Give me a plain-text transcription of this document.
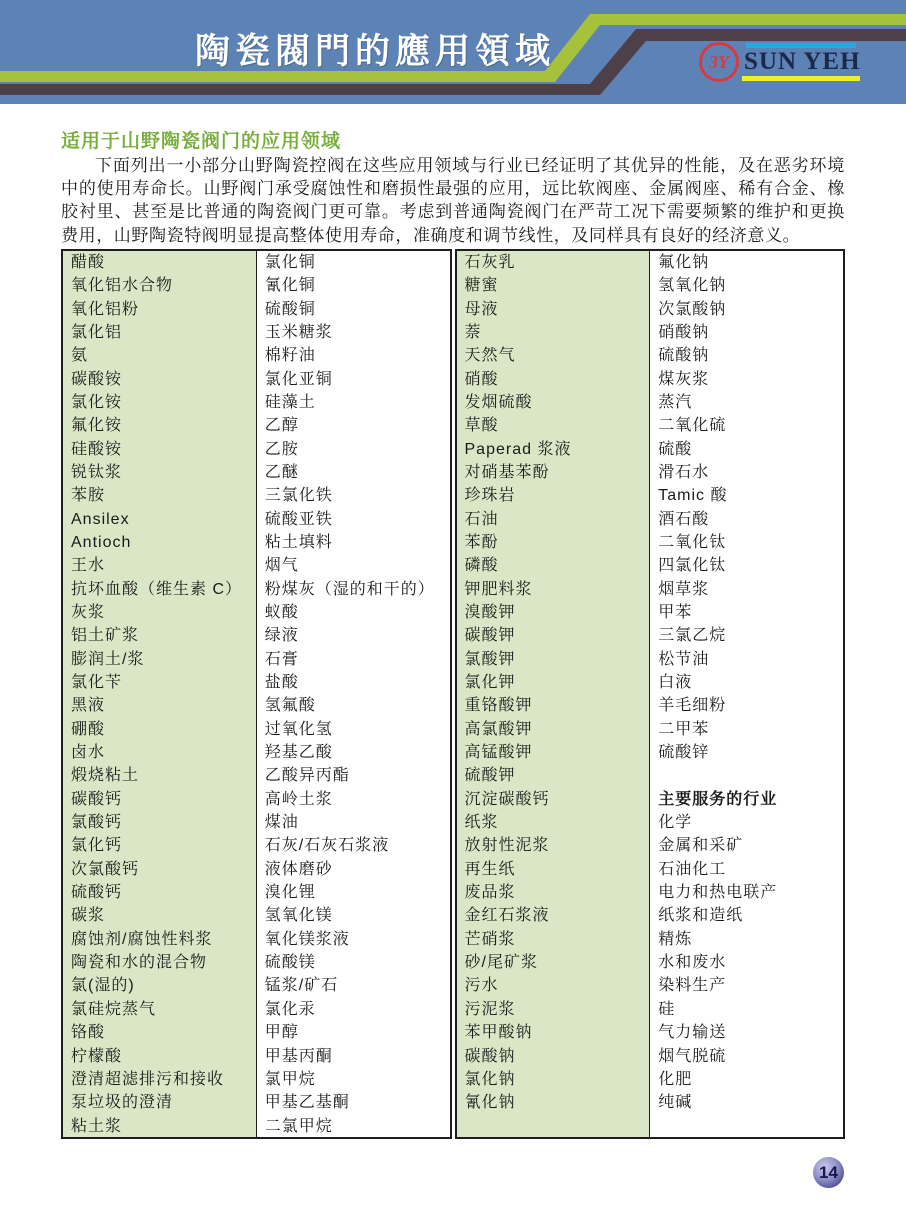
陶瓷閥門的應用領域	3Y SUN YEH
适用于山野陶瓷阀门的应用领域

下面列出一小部分山野陶瓷控阀在这些应用领域与行业已经证明了其优异的性能，及在恶劣环境中的使用寿命长。山野阀门承受腐蚀性和磨损性最强的应用，远比软阀座、金属阀座、稀有合金、橡胶衬里、甚至是比普通的陶瓷阀门更可靠。考虑到普通陶瓷阀门在严苛工况下需要频繁的维护和更换费用，山野陶瓷特阀明显提高整体使用寿命，准确度和调节线性，及同样具有良好的经济意义。

醋酸
氧化铝水合物
氧化铝粉
氯化铝
氨
碳酸铵
氯化铵
氟化铵
硅酸铵
锐钛浆
苯胺
Ansilex
Antioch
王水
抗坏血酸（维生素 C）
灰浆
铝土矿浆
膨润土/浆
氯化苄
黑液
硼酸
卤水
煅烧粘土
碳酸钙
氯酸钙
氯化钙
次氯酸钙
硫酸钙
碳浆
腐蚀剂/腐蚀性料浆
陶瓷和水的混合物
氯(湿的)
氯硅烷蒸气
铬酸
柠檬酸
澄清超滤排污和接收
泵垃圾的澄清
粘土浆
氯化铜
氰化铜
硫酸铜
玉米糖浆
棉籽油
氯化亚铜
硅藻土
乙醇
乙胺
乙醚
三氯化铁
硫酸亚铁
粘土填料
烟气
粉煤灰（湿的和干的）
蚁酸
绿液
石膏
盐酸
氢氟酸
过氧化氢
羟基乙酸
乙酸异丙酯
高岭土浆
煤油
石灰/石灰石浆液
液体磨砂
溴化锂
氢氧化镁
氧化镁浆液
硫酸镁
锰浆/矿石
氯化汞
甲醇
甲基丙酮
氯甲烷
甲基乙基酮
二氯甲烷
石灰乳
糖蜜
母液
萘
天然气
硝酸
发烟硫酸
草酸
Paperad 浆液
对硝基苯酚
珍珠岩
石油
苯酚
磷酸
钾肥料浆
溴酸钾
碳酸钾
氯酸钾
氯化钾
重铬酸钾
高氯酸钾
高锰酸钾
硫酸钾
沉淀碳酸钙
纸浆
放射性泥浆
再生纸
废品浆
金红石浆液
芒硝浆
砂/尾矿浆
污水
污泥浆
苯甲酸钠
碳酸钠
氯化钠
氰化钠
氟化钠
氢氧化钠
次氯酸钠
硝酸钠
硫酸钠
煤灰浆
蒸汽
二氧化硫
硫酸
滑石水
Tamic 酸
酒石酸
二氧化钛
四氯化钛
烟草浆
甲苯
三氯乙烷
松节油
白液
羊毛细粉
二甲苯
硫酸锌

主要服务的行业
化学
金属和采矿
石油化工
电力和热电联产
纸浆和造纸
精炼
水和废水
染料生产
硅
气力输送
烟气脱硫
化肥
纯碱
14
